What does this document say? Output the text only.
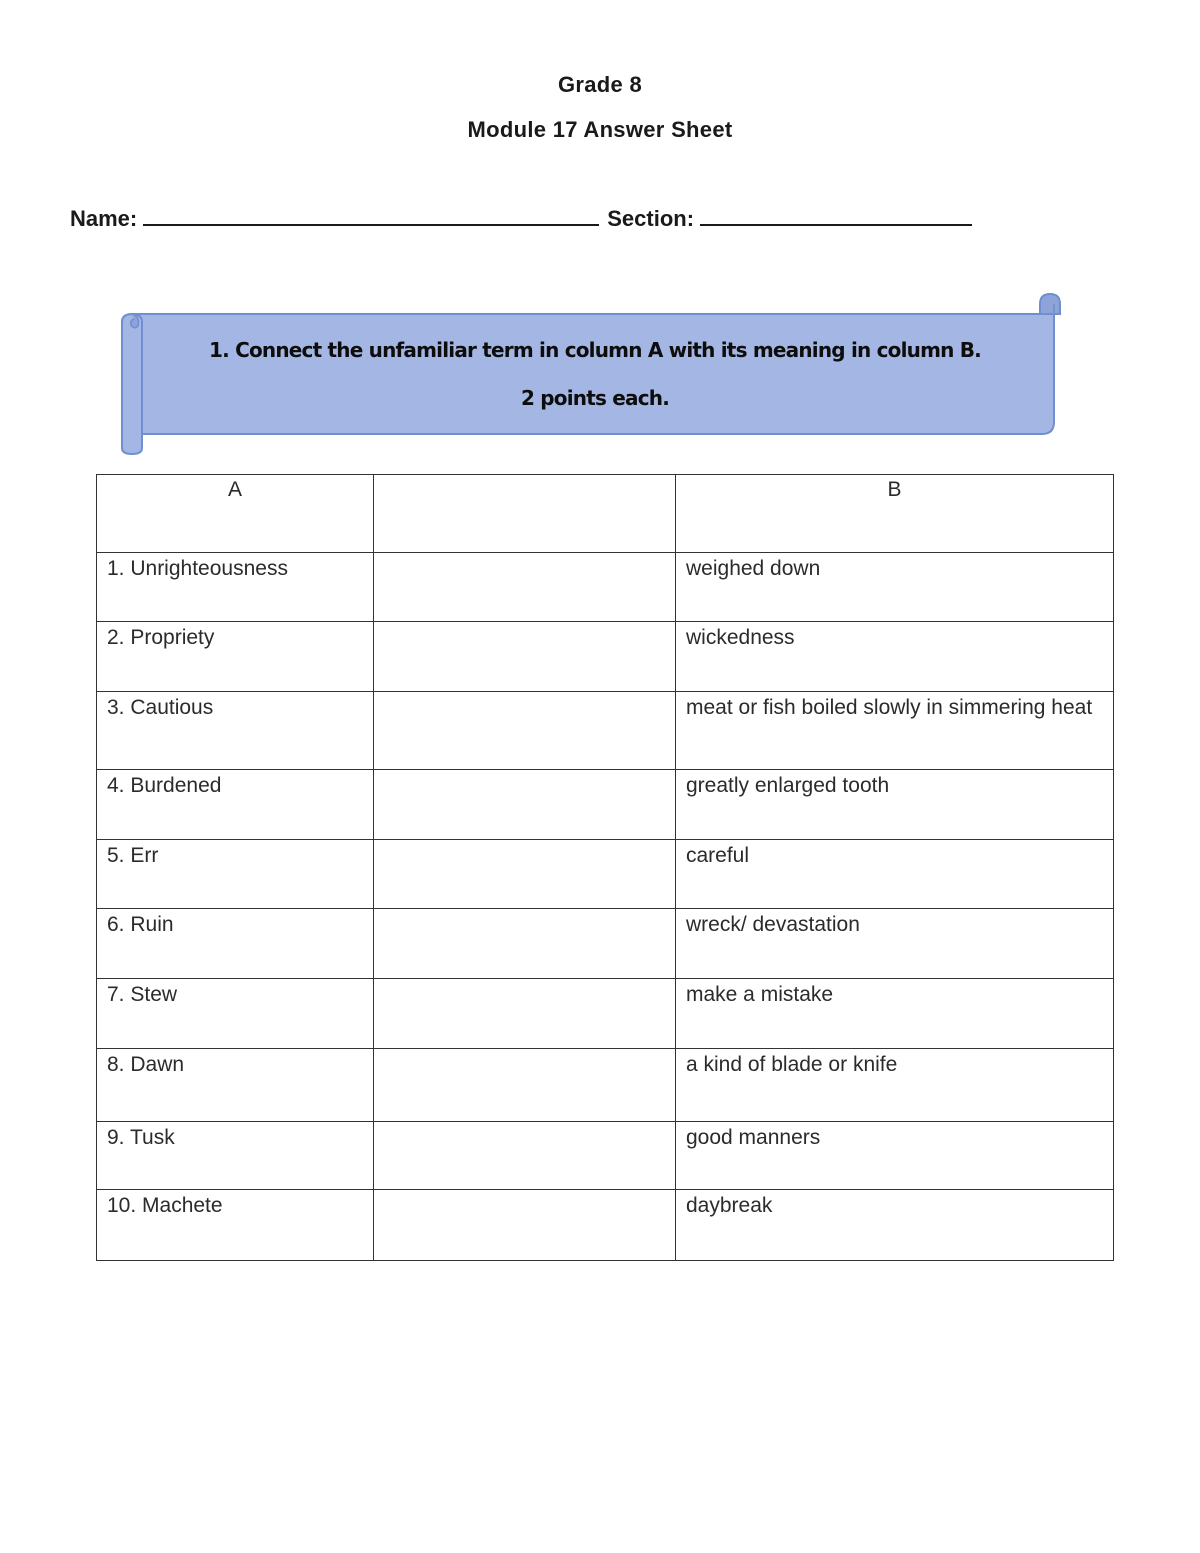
Grade 8
Module 17 Answer Sheet
Name:	Section:
1. Connect the unfamiliar term in column A with its meaning in column B.
2 points each.
A		B
1. Unrighteousness		weighed down
2. Propriety		wickedness
3. Cautious		meat or fish boiled slowly in simmering heat
4. Burdened		greatly enlarged tooth
5. Err		careful
6. Ruin		wreck/ devastation
7. Stew		make a mistake
8. Dawn		a kind of blade or knife
9. Tusk		good manners
10. Machete		daybreak
